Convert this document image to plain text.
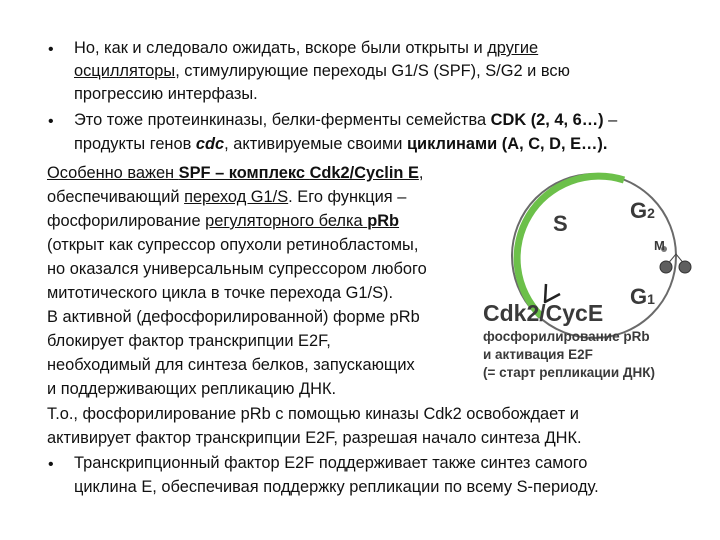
• Но, как и следовало ожидать, вскоре были открыты и другие
осцилляторы, стимулирующие переходы G1/S (SPF), S/G2 и всю
прогрессию интерфазы.
• Это тоже протеинкиназы, белки-ферменты семейства CDK (2, 4, 6…) –
продукты генов cdc, активируемые своими циклинами (A, C, D, E…).
Особенно важен SPF – комплекс Cdk2/Cyclin E,
обеспечивающий переход G1/S. Его функция –
фосфорилирование регуляторного белка pRb
(открыт как супрессор опухоли ретинобластомы,
но оказался универсальным супрессором любого
митотического цикла в точке перехода G1/S).
В активной (дефосфорилированной) форме pRb
блокирует фактор транскрипции E2F,
необходимый для синтеза белков, запускающих
и поддерживающих репликацию ДНК.
Т.о., фосфорилирование pRb с помощью киназы Cdk2 освобождает и
активирует фактор транскрипции E2F, разрешая начало синтеза ДНК.
• Транскрипционный фактор E2F поддерживает также синтез самого
циклина E, обеспечивая поддержку репликации по всему S-периоду.
S
G2
M
G1
Cdk2/CycE
фосфорилирование pRb
и активация E2F
(= старт репликации ДНК)
